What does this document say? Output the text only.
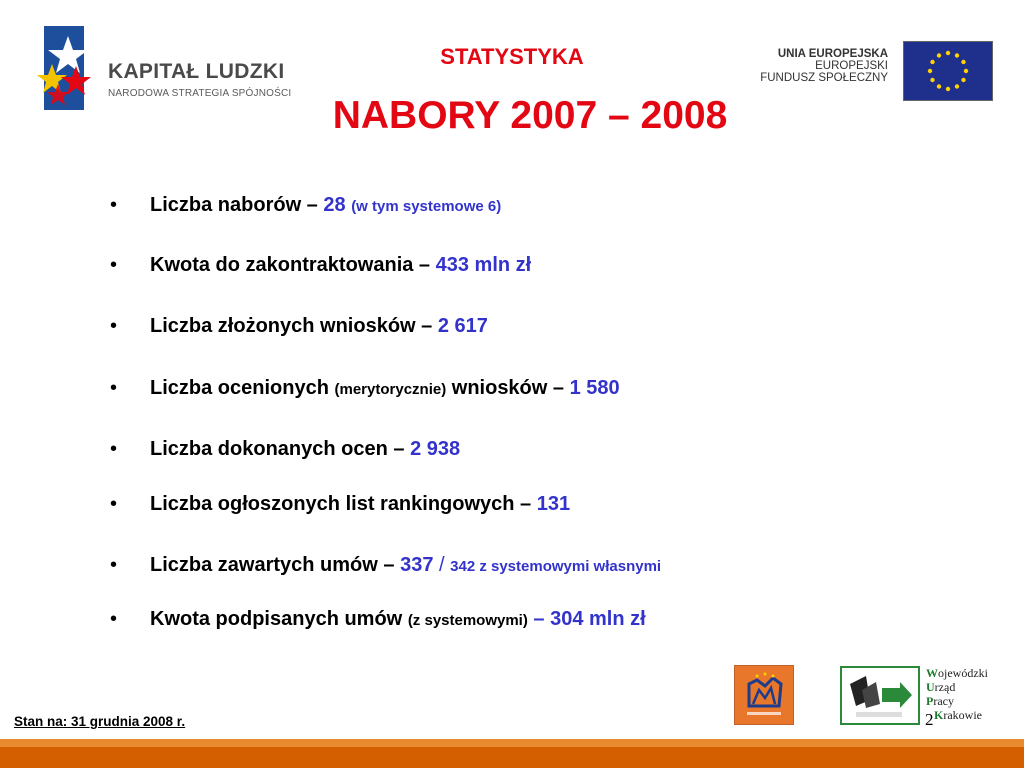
KAPITAŁ LUDZKI
NARODOWA STRATEGIA SPÓJNOŚCI
STATYSTYKA
NABORY 2007 – 2008
UNIA EUROPEJSKA
EUROPEJSKI
FUNDUSZ SPOŁECZNY
• Liczba naborów – 28 (w tym systemowe 6)
• Kwota do zakontraktowania – 433 mln zł
• Liczba złożonych wniosków – 2 617
• Liczba ocenionych (merytorycznie) wniosków – 1 580
• Liczba dokonanych ocen – 2 938
• Liczba ogłoszonych list rankingowych – 131
• Liczba zawartych umów – 337 / 342 z systemowymi własnymi
• Kwota podpisanych umów (z systemowymi) – 304 mln zł
Wojewódzki
Urząd
Pracy
Krakowie
2
Stan na: 31 grudnia 2008 r.
